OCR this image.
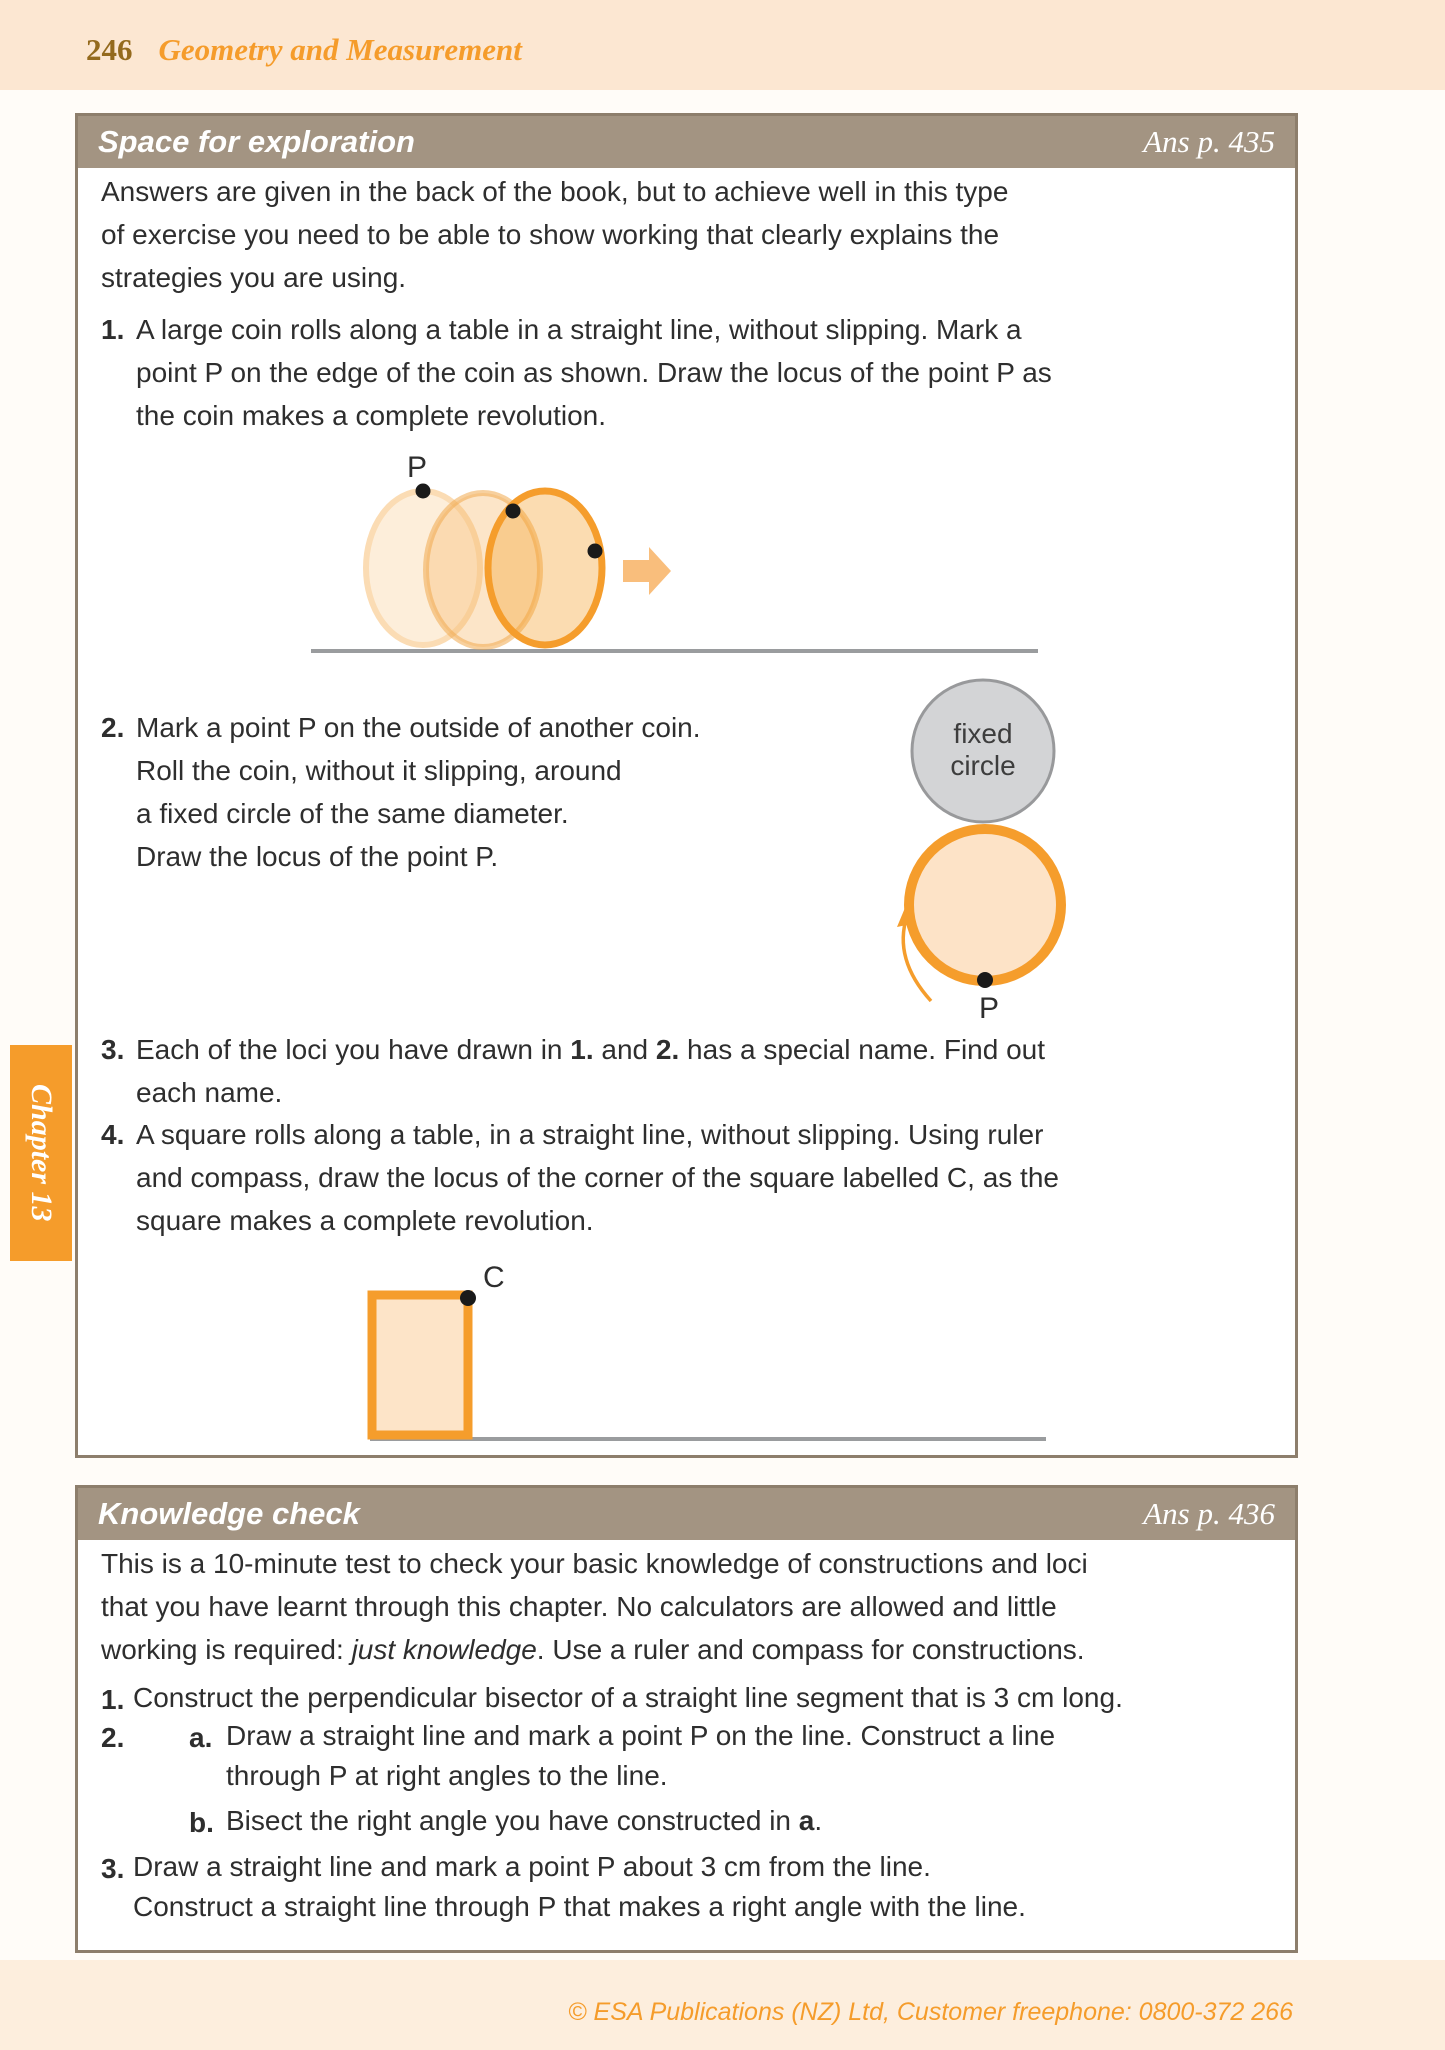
246 Geometry and Measurement
Chapter 13
Space for exploration	Ans p. 435
Answers are given in the back of the book, but to achieve well in this type
of exercise you need to be able to show working that clearly explains the
strategies you are using.
1. A large coin rolls along a table in a straight line, without slipping. Mark a
point P on the edge of the coin as shown. Draw the locus of the point P as
the coin makes a complete revolution.
P
2. Mark a point P on the outside of another coin.
Roll the coin, without it slipping, around
a fixed circle of the same diameter.
Draw the locus of the point P.
fixed
circle
P
3. Each of the loci you have drawn in 1. and 2. has a special name. Find out
each name.
4. A square rolls along a table, in a straight line, without slipping. Using ruler
and compass, draw the locus of the corner of the square labelled C, as the
square makes a complete revolution.
C
Knowledge check	Ans p. 436
This is a 10-minute test to check your basic knowledge of constructions and loci
that you have learnt through this chapter. No calculators are allowed and little
working is required: just knowledge. Use a ruler and compass for constructions.
1. Construct the perpendicular bisector of a straight line segment that is 3 cm long.
2.	a. Draw a straight line and mark a point P on the line. Construct a line
through P at right angles to the line.
b. Bisect the right angle you have constructed in a.
3. Draw a straight line and mark a point P about 3 cm from the line.
Construct a straight line through P that makes a right angle with the line.
© ESA Publications (NZ) Ltd, Customer freephone: 0800-372 266
